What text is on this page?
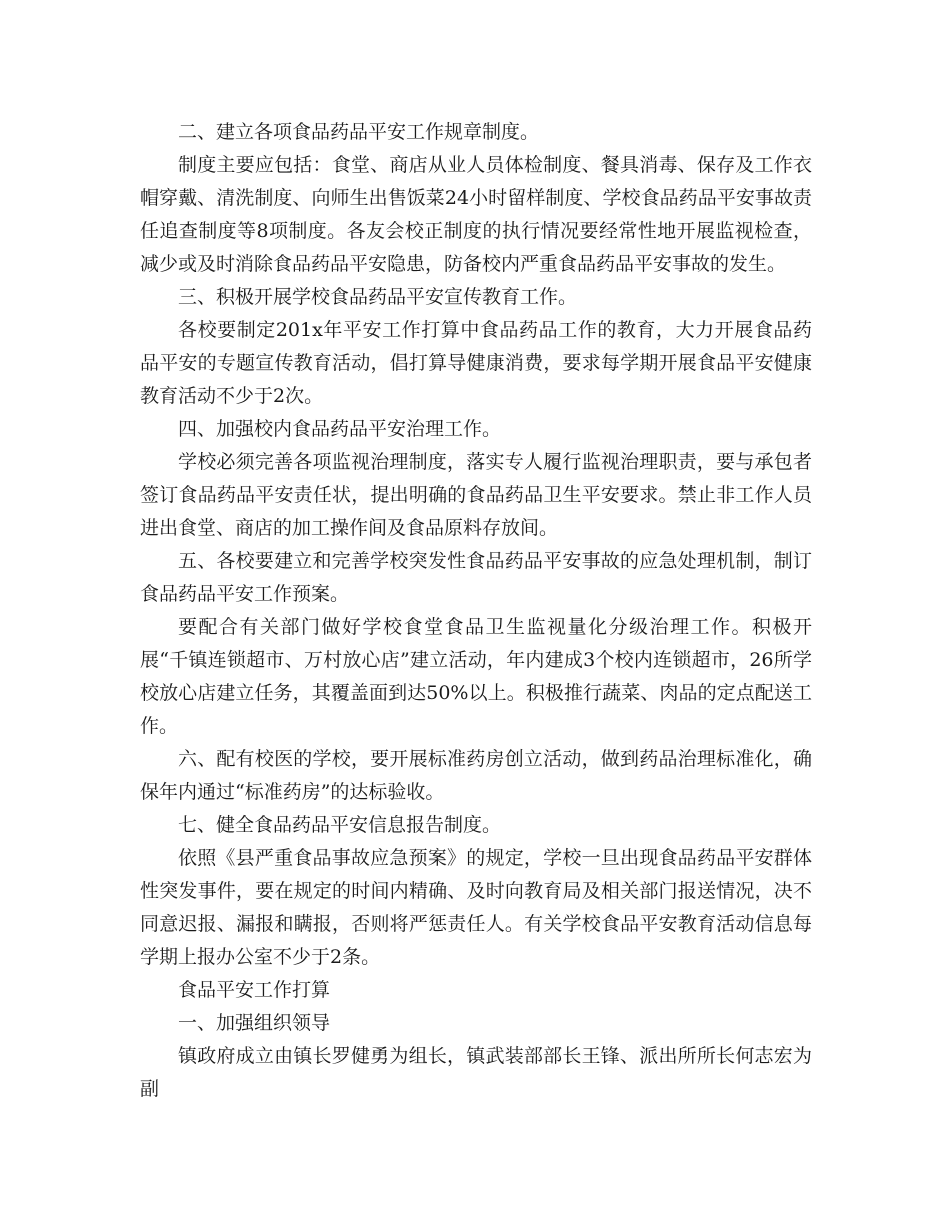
二、建立各项食品药品平安工作规章制度。

制度主要应包括：食堂、商店从业人员体检制度、餐具消毒、保存及工作衣帽穿戴、清洗制度、向师生出售饭菜24小时留样制度、学校食品药品平安事故责任追查制度等8项制度。各友会校正制度的执行情况要经常性地开展监视检查，减少或及时消除食品药品平安隐患，防备校内严重食品药品平安事故的发生。

三、积极开展学校食品药品平安宣传教育工作。

各校要制定201x年平安工作打算中食品药品工作的教育，大力开展食品药品平安的专题宣传教育活动，倡打算导健康消费，要求每学期开展食品平安健康教育活动不少于2次。

四、加强校内食品药品平安治理工作。

学校必须完善各项监视治理制度，落实专人履行监视治理职责，要与承包者签订食品药品平安责任状，提出明确的食品药品卫生平安要求。禁止非工作人员进出食堂、商店的加工操作间及食品原料存放间。

五、各校要建立和完善学校突发性食品药品平安事故的应急处理机制，制订食品药品平安工作预案。

要配合有关部门做好学校食堂食品卫生监视量化分级治理工作。积极开展“千镇连锁超市、万村放心店”建立活动，年内建成3个校内连锁超市，26所学校放心店建立任务，其覆盖面到达50%以上。积极推行蔬菜、肉品的定点配送工作。

六、配有校医的学校，要开展标准药房创立活动，做到药品治理标准化，确保年内通过“标准药房”的达标验收。

七、健全食品药品平安信息报告制度。

依照《县严重食品事故应急预案》的规定，学校一旦出现食品药品平安群体性突发事件，要在规定的时间内精确、及时向教育局及相关部门报送情况，决不同意迟报、漏报和瞒报，否则将严惩责任人。有关学校食品平安教育活动信息每学期上报办公室不少于2条。

食品平安工作打算

一、加强组织领导

镇政府成立由镇长罗健勇为组长，镇武装部部长王锋、派出所所长何志宏为副
